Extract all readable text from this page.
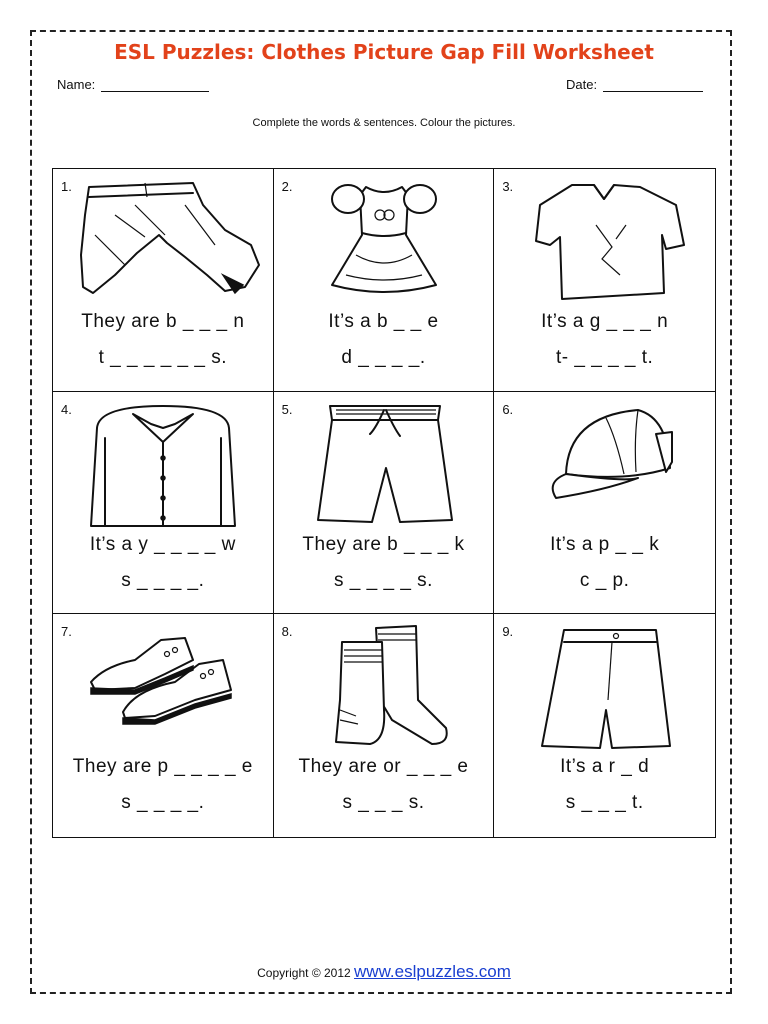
ESL Puzzles: Clothes Picture Gap Fill Worksheet
Name:	Date:
Complete the words & sentences. Colour the pictures.
1.
They are b _ _ _ n
t _ _ _ _ _ _ s.
2.
It’s a b _ _ e
d _ _ _ _.
3.
It’s a g _ _ _ n
t- _ _ _ _ t.
4.
It’s a y _ _ _ _ w
s _ _ _ _.
5.
They are b _ _ _ k
s _ _ _ _ s.
6.
It’s a p _ _ k
c _ p.
7.
They are p _ _ _ _ e
s _ _ _ _.
8.
They are or _ _ _ e
s _ _ _ s.
9.
It’s a r _ d
s _ _ _ t.
Copyright © 2012 www.eslpuzzles.com
